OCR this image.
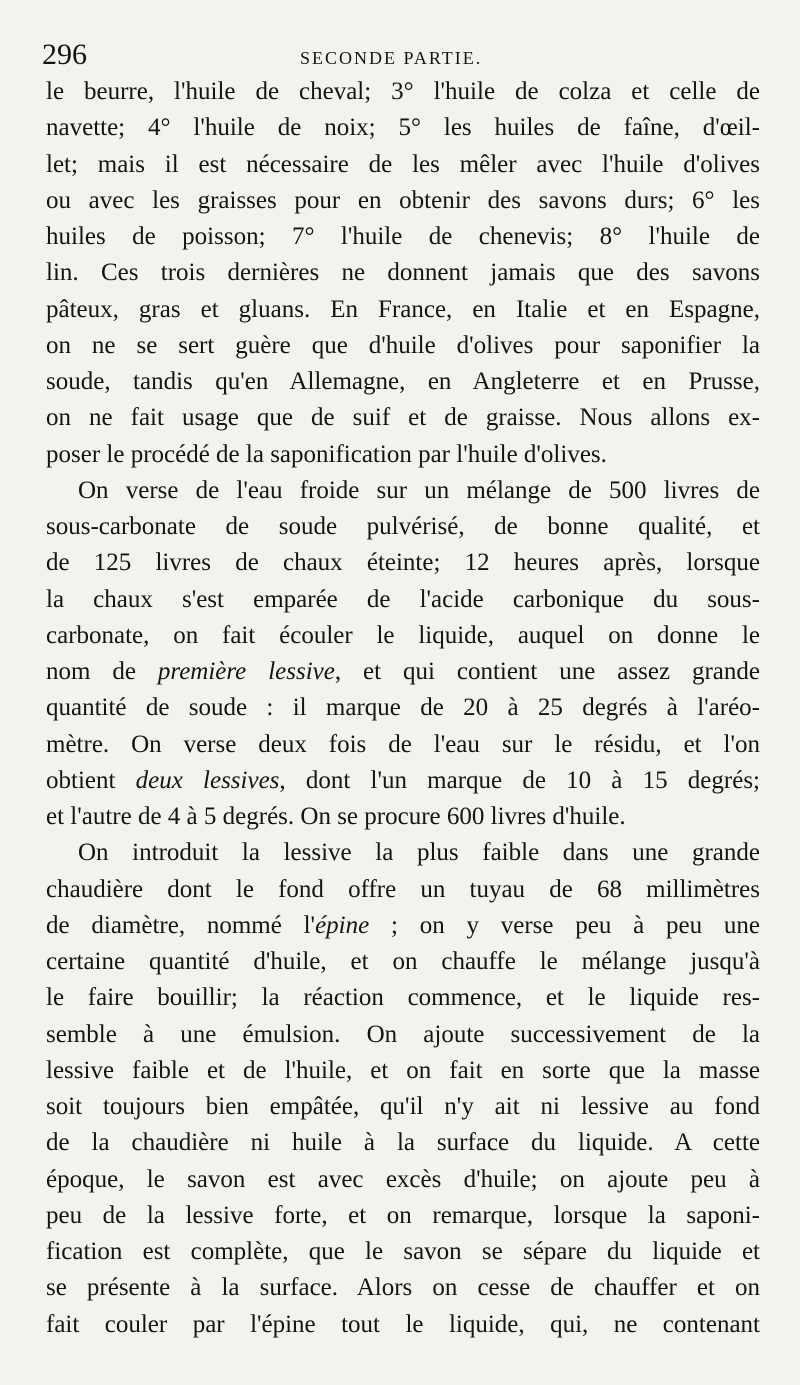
296	SECONDE PARTIE.
le beurre, l'huile de cheval; 3° l'huile de colza et celle de
navette; 4° l'huile de noix; 5° les huiles de faîne, d'œil-
let; mais il est nécessaire de les mêler avec l'huile d'olives
ou avec les graisses pour en obtenir des savons durs; 6° les
huiles de poisson; 7° l'huile de chenevis; 8° l'huile de
lin. Ces trois dernières ne donnent jamais que des savons
pâteux, gras et gluans. En France, en Italie et en Espagne,
on ne se sert guère que d'huile d'olives pour saponifier la
soude, tandis qu'en Allemagne, en Angleterre et en Prusse,
on ne fait usage que de suif et de graisse. Nous allons ex-
poser le procédé de la saponification par l'huile d'olives.
On verse de l'eau froide sur un mélange de 500 livres de
sous-carbonate de soude pulvérisé, de bonne qualité, et
de 125 livres de chaux éteinte; 12 heures après, lorsque
la chaux s'est emparée de l'acide carbonique du sous-
carbonate, on fait écouler le liquide, auquel on donne le
nom de première lessive, et qui contient une assez grande
quantité de soude : il marque de 20 à 25 degrés à l'aréo-
mètre. On verse deux fois de l'eau sur le résidu, et l'on
obtient deux lessives, dont l'un marque de 10 à 15 degrés;
et l'autre de 4 à 5 degrés. On se procure 600 livres d'huile.
On introduit la lessive la plus faible dans une grande
chaudière dont le fond offre un tuyau de 68 millimètres
de diamètre, nommé l'épine ; on y verse peu à peu une
certaine quantité d'huile, et on chauffe le mélange jusqu'à
le faire bouillir; la réaction commence, et le liquide res-
semble à une émulsion. On ajoute successivement de la
lessive faible et de l'huile, et on fait en sorte que la masse
soit toujours bien empâtée, qu'il n'y ait ni lessive au fond
de la chaudière ni huile à la surface du liquide. A cette
époque, le savon est avec excès d'huile; on ajoute peu à
peu de la lessive forte, et on remarque, lorsque la saponi-
fication est complète, que le savon se sépare du liquide et
se présente à la surface. Alors on cesse de chauffer et on
fait couler par l'épine tout le liquide, qui, ne contenant
